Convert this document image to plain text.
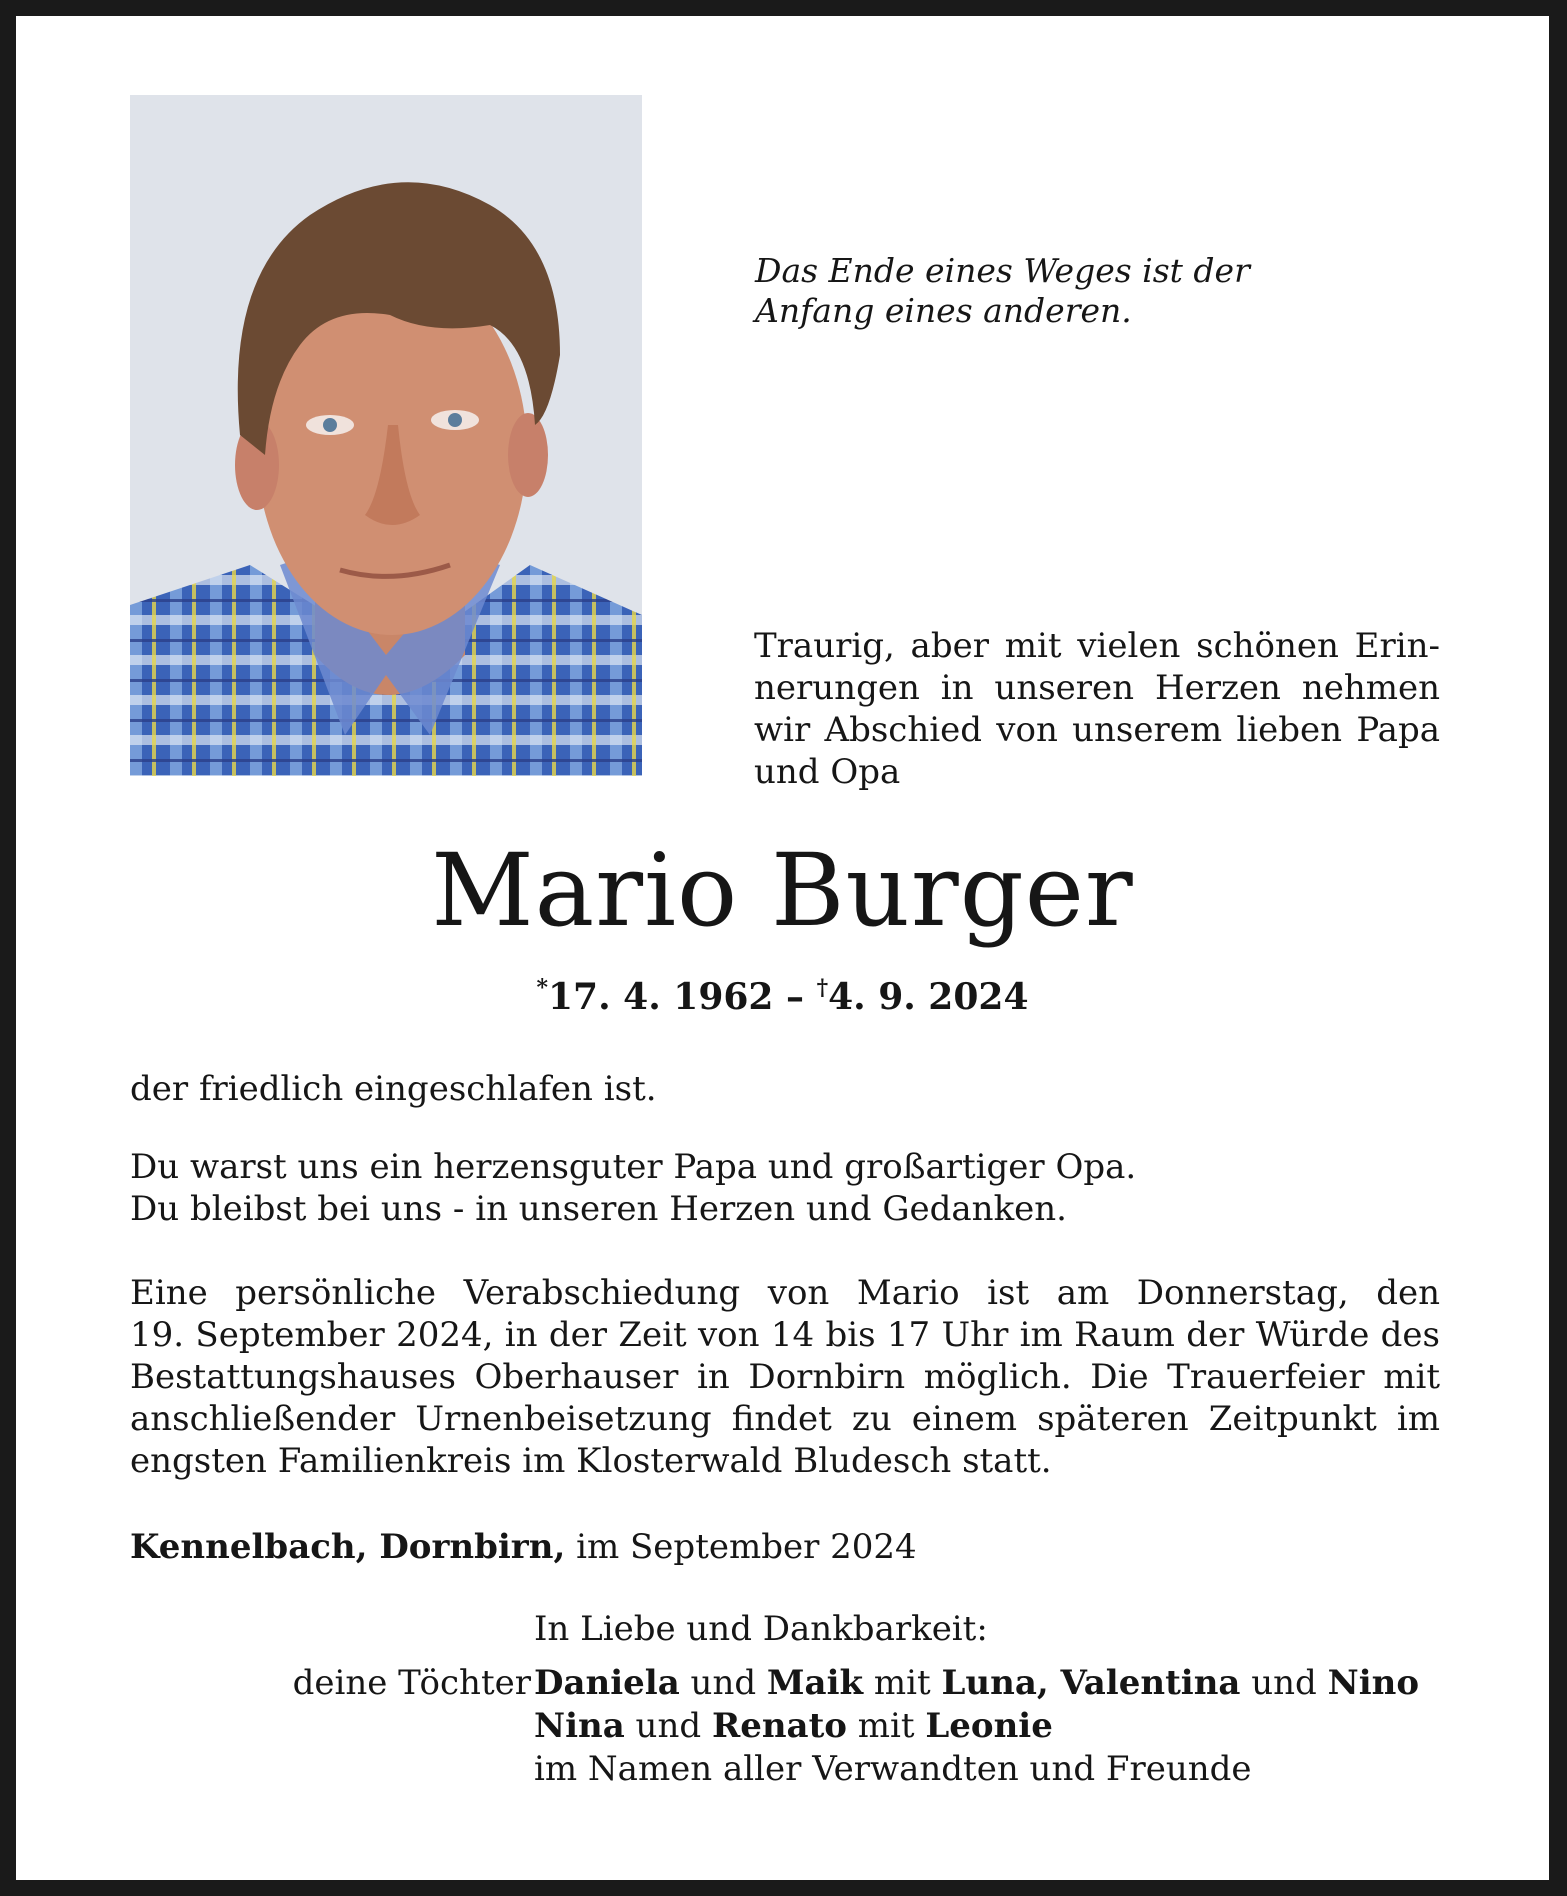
Das Ende eines Weges ist der
Anfang eines anderen.
Traurig, aber mit vielen schönen Erin-
nerungen in unseren Herzen nehmen
wir Abschied von unserem lieben Papa
und Opa
Mario Burger
*17. 4. 1962 – †4. 9. 2024
der friedlich eingeschlafen ist.
Du warst uns ein herzensguter Papa und großartiger Opa.
Du bleibst bei uns - in unseren Herzen und Gedanken.
Eine persönliche Verabschiedung von Mario ist am Donnerstag, den
19. September 2024, in der Zeit von 14 bis 17 Uhr im Raum der Würde des
Bestattungshauses Oberhauser in Dornbirn möglich. Die Trauerfeier mit
anschließender Urnenbeisetzung findet zu einem späteren Zeitpunkt im
engsten Familienkreis im Klosterwald Bludesch statt.
Kennelbach, Dornbirn, im September 2024
In Liebe und Dankbarkeit:
deine Töchter Daniela und Maik mit Luna, Valentina und Nino
Nina und Renato mit Leonie
im Namen aller Verwandten und Freunde
